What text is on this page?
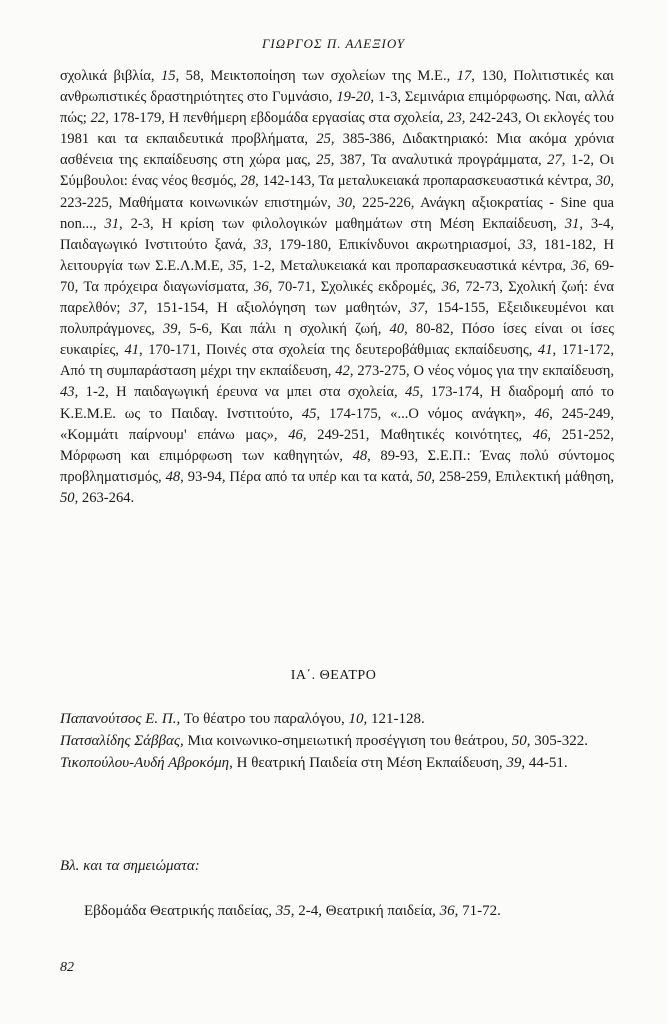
ΓΙΩΡΓΟΣ Π. ΑΛΕΞΙΟΥ

σχολικά βιβλία, 15, 58, Μεικτοποίηση των σχολείων της Μ.Ε., 17, 130, Πολιτιστικές και ανθρωπιστικές δραστηριότητες στο Γυμνάσιο, 19-20, 1-3, Σεμινάρια επιμόρφωσης. Ναι, αλλά πώς; 22, 178-179, Η πενθήμερη εβδομάδα εργασίας στα σχολεία, 23, 242-243, Οι εκλογές του 1981 και τα εκπαιδευτικά προβλήματα, 25, 385-386, Διδακτηριακό: Μια ακόμα χρόνια ασθένεια της εκπαίδευσης στη χώρα μας, 25, 387, Τα αναλυτικά προγράμματα, 27, 1-2, Οι Σύμβουλοι: ένας νέος θεσμός, 28, 142-143, Τα μεταλυκειακά προπαρασκευαστικά κέντρα, 30, 223-225, Μαθήματα κοινωνικών επιστημών, 30, 225-226, Ανάγκη αξιοκρατίας - Sine qua non..., 31, 2-3, Η κρίση των φιλολογικών μαθημάτων στη Μέση Εκπαίδευση, 31, 3-4, Παιδαγωγικό Ινστιτούτο ξανά, 33, 179-180, Επικίνδυνοι ακρωτηριασμοί, 33, 181-182, Η λειτουργία των Σ.Ε.Λ.Μ.Ε, 35, 1-2, Μεταλυκειακά και προπαρασκευαστικά κέντρα, 36, 69-70, Τα πρόχειρα διαγωνίσματα, 36, 70-71, Σχολικές εκδρομές, 36, 72-73, Σχολική ζωή: ένα παρελθόν; 37, 151-154, Η αξιολόγηση των μαθητών, 37, 154-155, Εξειδικευμένοι και πολυπράγμονες, 39, 5-6, Και πάλι η σχολική ζωή, 40, 80-82, Πόσο ίσες είναι οι ίσες ευκαιρίες, 41, 170-171, Ποινές στα σχολεία της δευτεροβάθμιας εκπαίδευσης, 41, 171-172, Από τη συμπαράσταση μέχρι την εκπαίδευση, 42, 273-275, Ο νέος νόμος για την εκπαίδευση, 43, 1-2, Η παιδαγωγική έρευνα να μπει στα σχολεία, 45, 173-174, Η διαδρομή από το Κ.Ε.Μ.Ε. ως το Παιδαγ. Ινστιτούτο, 45, 174-175, «...Ο νόμος ανάγκη», 46, 245-249, «Κομμάτι παίρνουμ' επάνω μας», 46, 249-251, Μαθητικές κοινότητες, 46, 251-252, Μόρφωση και επιμόρφωση των καθηγητών, 48, 89-93, Σ.Ε.Π.: Ένας πολύ σύντομος προβληματισμός, 48, 93-94, Πέρα από τα υπέρ και τα κατά, 50, 258-259, Επιλεκτική μάθηση, 50, 263-264.

ΙΑ΄. ΘΕΑΤΡΟ

Παπανούτσος Ε. Π., Το θέατρο του παραλόγου, 10, 121-128.

Πατσαλίδης Σάββας, Μια κοινωνικο-σημειωτική προσέγγιση του θεάτρου, 50, 305-322.

Τικοπούλου-Αυδή Αβροκόμη, Η θεατρική Παιδεία στη Μέση Εκπαίδευση, 39, 44-51.

Βλ. και τα σημειώματα:
Εβδομάδα Θεατρικής παιδείας, 35, 2-4, Θεατρική παιδεία, 36, 71-72.
82
